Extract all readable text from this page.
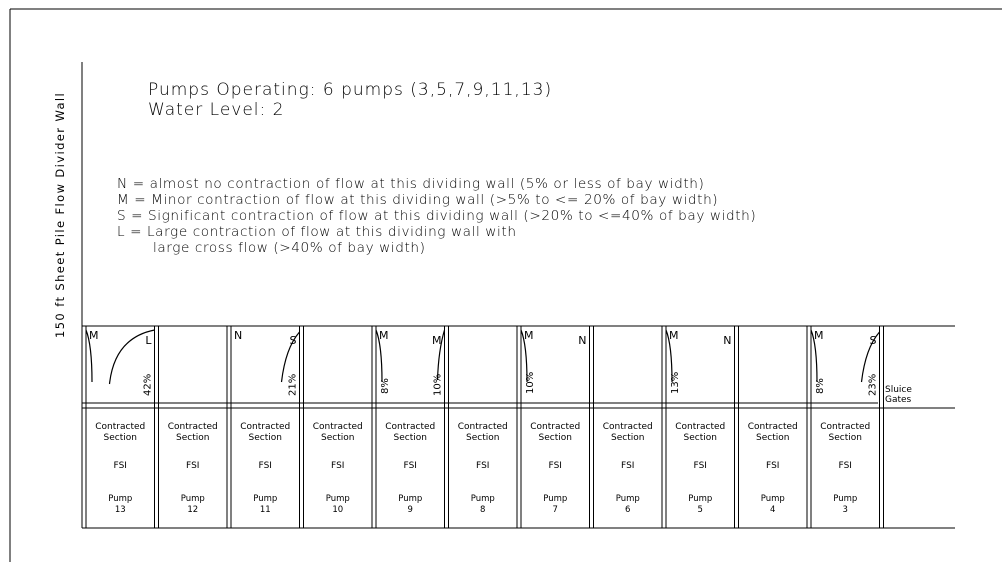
Contracted
Section
FSI
Pump
13
M	L
42%
Contracted
Section
FSI
Pump
12
Contracted
Section
FSI
Pump
11
N	S
21%
Contracted
Section
FSI
Pump
10
Contracted
Section
FSI
Pump
9
M
8%
M
10%
Contracted
Section
FSI
Pump
8
Contracted
Section
FSI
Pump
7
M
10%
N
Contracted
Section
FSI
Pump
6
Contracted
Section
FSI
Pump
5
M
13%
N
Contracted
Section
FSI
Pump
4
Contracted
Section
FSI
Pump
3
M
8%
S
23%
Pumps Operating: 6 pumps (3,5,7,9,11,13)
Water Level: 2
N = almost no contraction of flow at this dividing wall (5% or less of bay width)
M = Minor contraction of flow at this dividing wall (>5% to <= 20% of bay width)
S = Significant contraction of flow at this dividing wall (>20% to <=40% of bay width)
L = Large contraction of flow at this dividing wall with
large cross flow (>40% of bay width)
150 ft Sheet Pile Flow Divider Wall
Sluice
Gates
